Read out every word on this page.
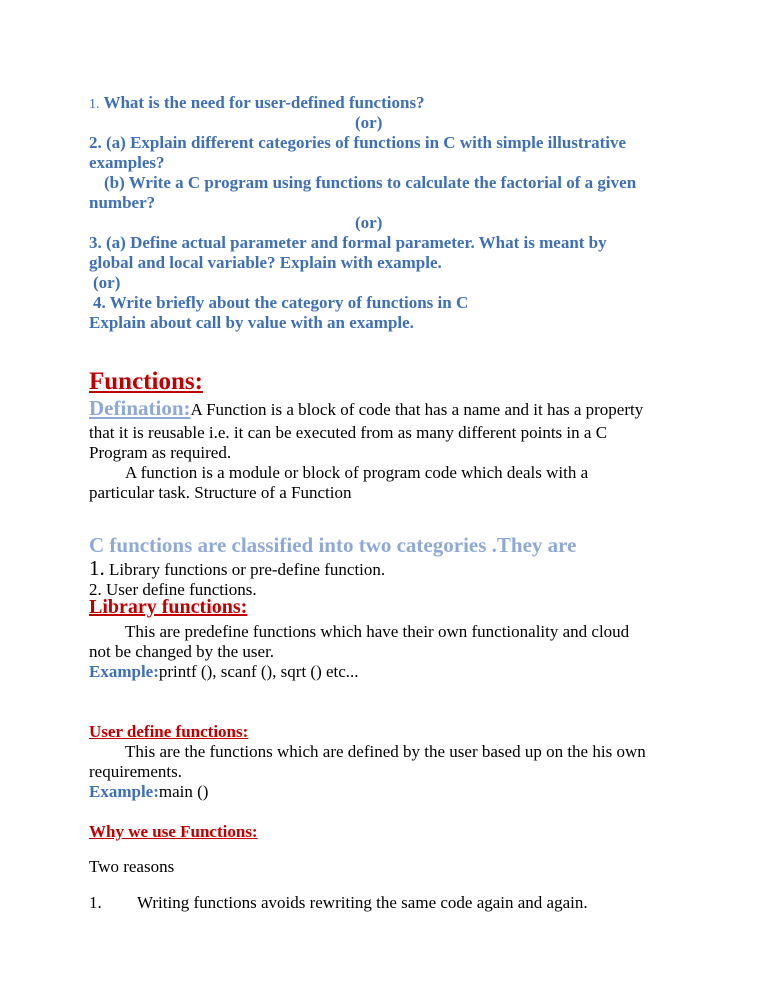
1. What is the need for user-defined functions?
(or)
2. (a) Explain different categories of functions in C with simple illustrative
examples?
(b) Write a C program using functions to calculate the factorial of a given
number?
(or)
3. (a) Define actual parameter and formal parameter. What is meant by
global and local variable? Explain with example.
(or)
4. Write briefly about the category of functions in C
Explain about call by value with an example.
Functions:
Defination:A Function is a block of code that has a name and it has a property
that it is reusable i.e. it can be executed from as many different points in a C
Program as required.
A function is a module or block of program code which deals with a
particular task. Structure of a Function
C functions are classified into two categories .They are
1. Library functions or pre-define function.
2. User define functions.
Library functions:
This are predefine functions which have their own functionality and cloud
not be changed by the user.
Example:printf (), scanf (), sqrt () etc...
User define functions:
This are the functions which are defined by the user based up on the his own
requirements.
Example:main ()
Why we use Functions:
Two reasons
1. Writing functions avoids rewriting the same code again and again.
